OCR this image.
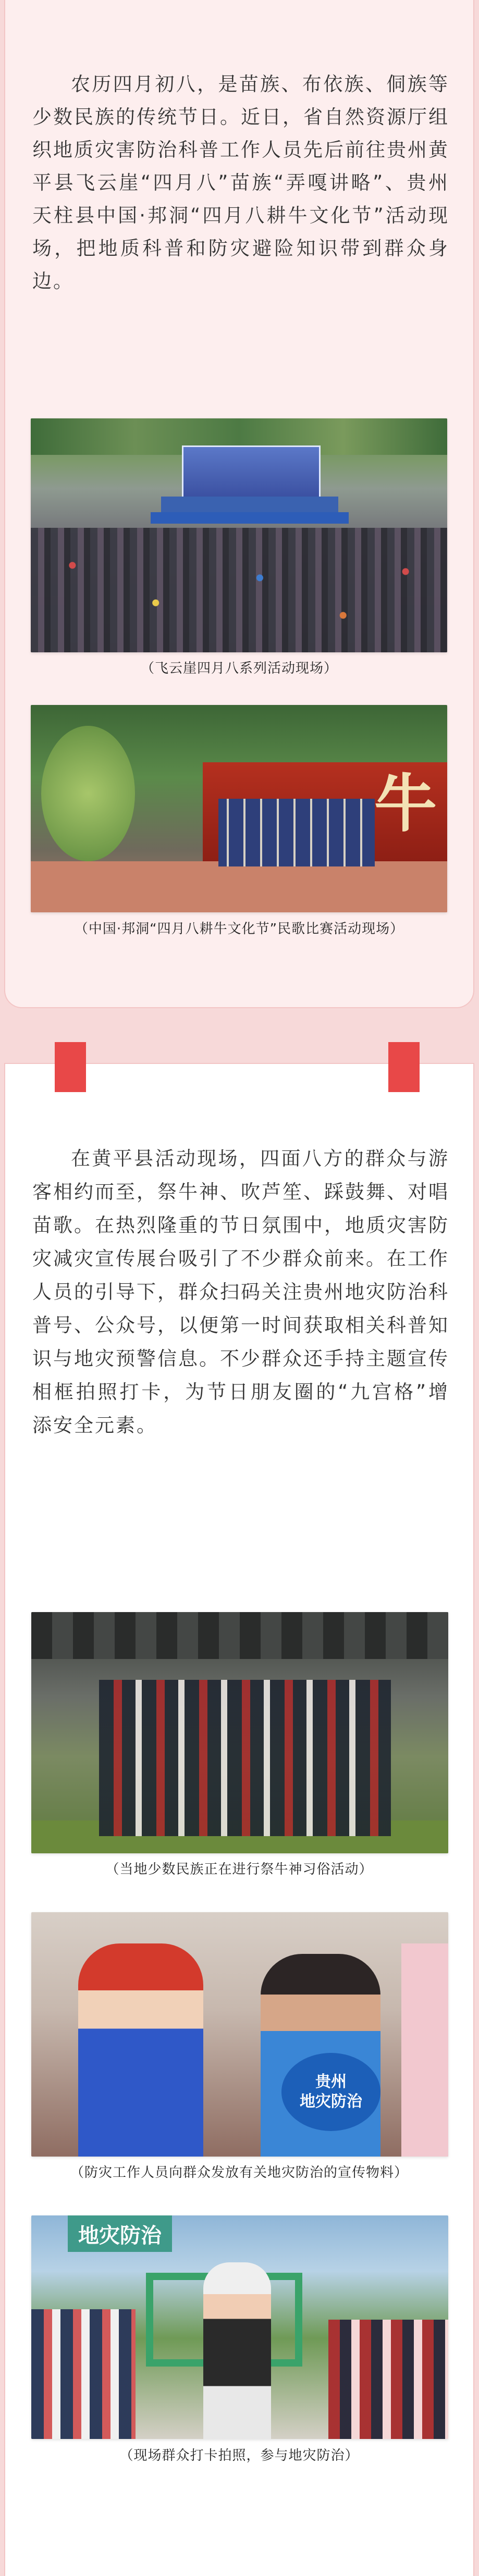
农历四月初八，是苗族、布依族、侗族等少数民族的传统节日。近日，省自然资源厅组织地质灾害防治科普工作人员先后前往贵州黄平县飞云崖“四月八”苗族“弄嘎讲略”、贵州天柱县中国·邦洞“四月八耕牛文化节”活动现场，把地质科普和防灾避险知识带到群众身边。

（飞云崖四月八系列活动现场）
牛
（中国·邦洞“四月八耕牛文化节”民歌比赛活动现场）

在黄平县活动现场，四面八方的群众与游客相约而至，祭牛神、吹芦笙、踩鼓舞、对唱苗歌。在热烈隆重的节日氛围中，地质灾害防灾减灾宣传展台吸引了不少群众前来。在工作人员的引导下，群众扫码关注贵州地灾防治科普号、公众号，以便第一时间获取相关科普知识与地灾预警信息。不少群众还手持主题宣传相框拍照打卡，为节日朋友圈的“九宫格”增添安全元素。

（当地少数民族正在进行祭牛神习俗活动）
贵州
地灾防治
（防灾工作人员向群众发放有关地灾防治的宣传物料）
地灾防治
（现场群众打卡拍照，参与地灾防治）
